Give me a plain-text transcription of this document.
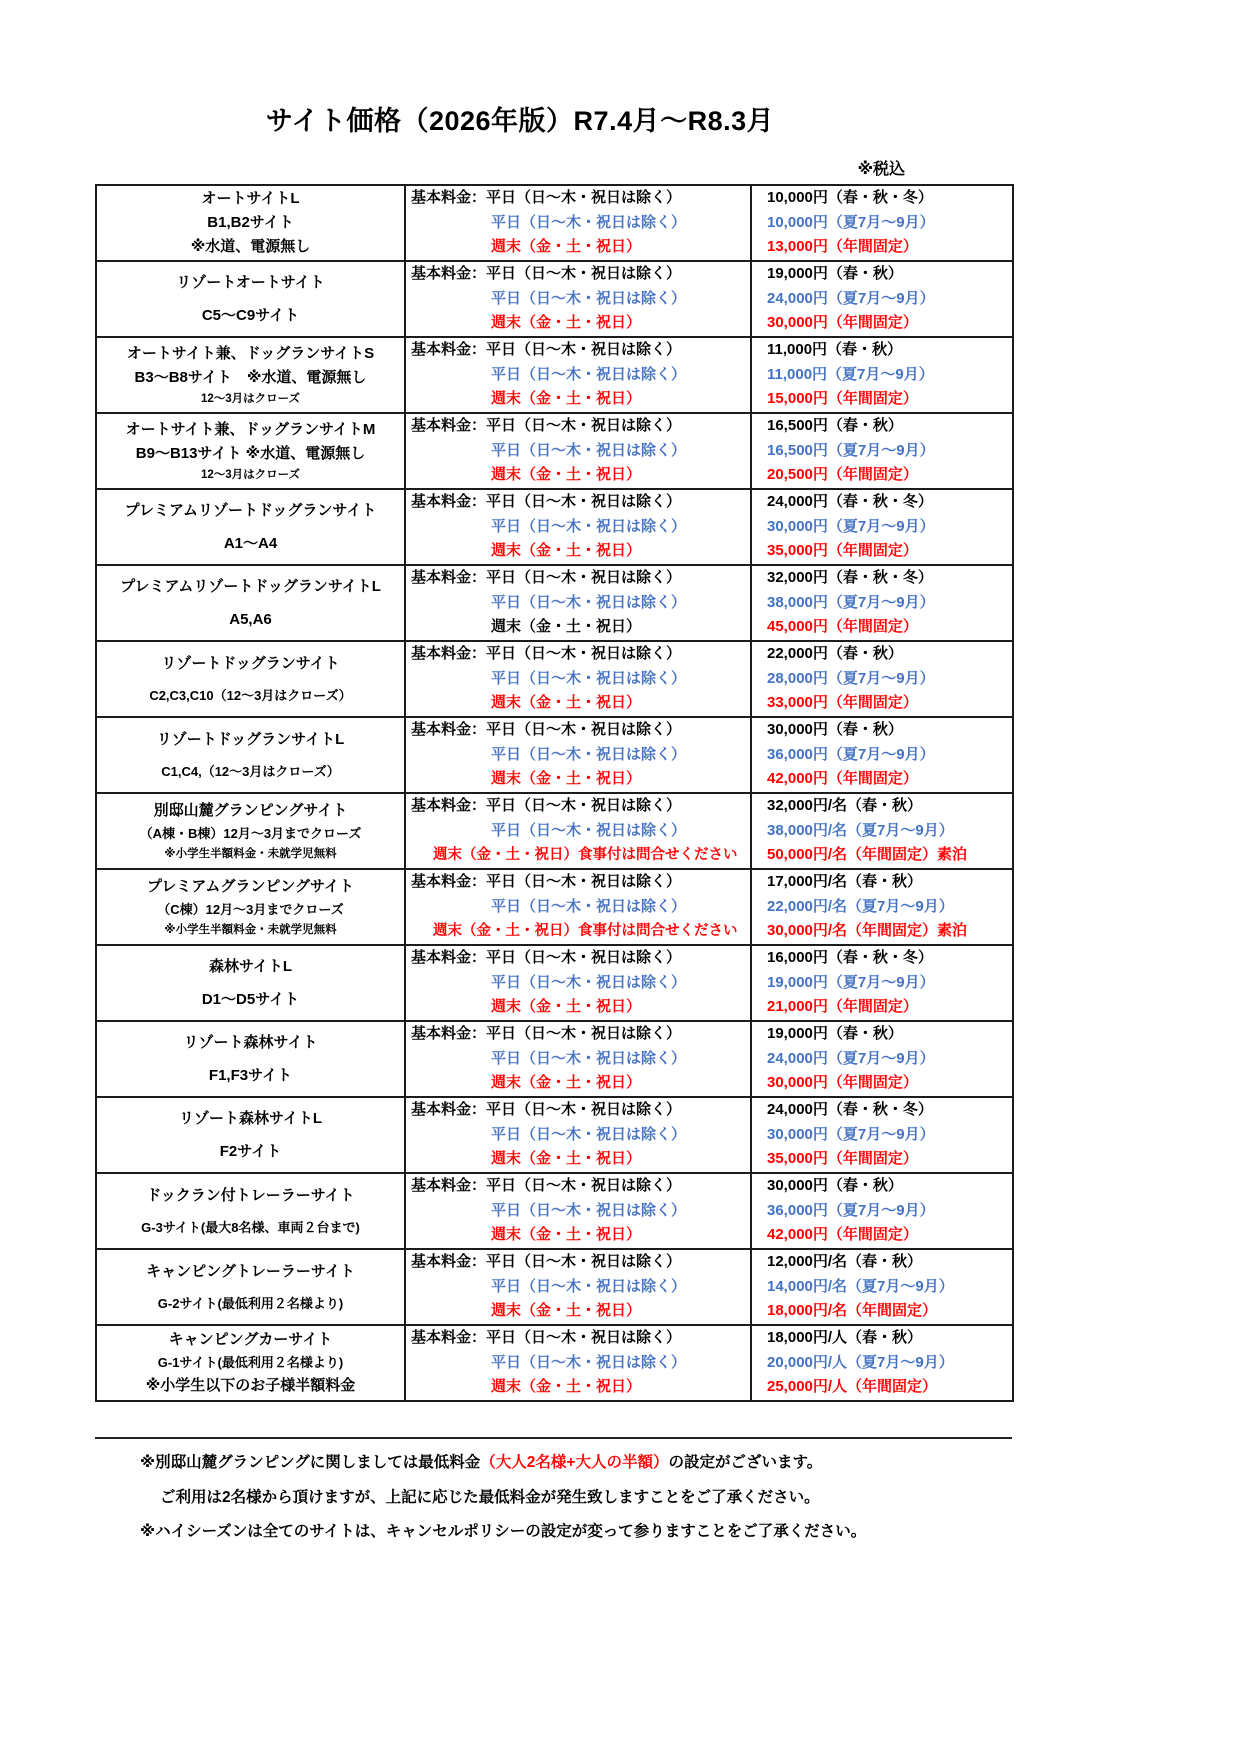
サイト価格（2026年版）R7.4月～R8.3月
※税込
オートサイトL
B1,B2サイト
※水道、電源無し

基本料金：平日（日～木・祝日は除く）
平日（日～木・祝日は除く）
週末（金・土・祝日）

10,000円（春・秋・冬）
10,000円（夏7月～9月）
13,000円（年間固定）

リゾートオートサイト
C5～C9サイト

基本料金：平日（日～木・祝日は除く）
平日（日～木・祝日は除く）
週末（金・土・祝日）

19,000円（春・秋）
24,000円（夏7月～9月）
30,000円（年間固定）

オートサイト兼、ドッグランサイトS
B3～B8サイト　※水道、電源無し
12～3月はクローズ

基本料金：平日（日～木・祝日は除く）
平日（日～木・祝日は除く）
週末（金・土・祝日）

11,000円（春・秋）
11,000円（夏7月～9月）
15,000円（年間固定）

オートサイト兼、ドッグランサイトM
B9～B13サイト ※水道、電源無し
12～3月はクローズ

基本料金：平日（日～木・祝日は除く）
平日（日～木・祝日は除く）
週末（金・土・祝日）

16,500円（春・秋）
16,500円（夏7月～9月）
20,500円（年間固定）

プレミアムリゾートドッグランサイト
A1～A4

基本料金：平日（日～木・祝日は除く）
平日（日～木・祝日は除く）
週末（金・土・祝日）

24,000円（春・秋・冬）
30,000円（夏7月～9月）
35,000円（年間固定）

プレミアムリゾートドッグランサイトL
A5,A6

基本料金：平日（日～木・祝日は除く）
平日（日～木・祝日は除く）
週末（金・土・祝日）

32,000円（春・秋・冬）
38,000円（夏7月～9月）
45,000円（年間固定）

リゾートドッグランサイト
C2,C3,C10（12～3月はクローズ）

基本料金：平日（日～木・祝日は除く）
平日（日～木・祝日は除く）
週末（金・土・祝日）

22,000円（春・秋）
28,000円（夏7月～9月）
33,000円（年間固定）

リゾートドッグランサイトL
C1,C4,（12～3月はクローズ）

基本料金：平日（日～木・祝日は除く）
平日（日～木・祝日は除く）
週末（金・土・祝日）

30,000円（春・秋）
36,000円（夏7月～9月）
42,000円（年間固定）

別邸山麓グランピングサイト
（A棟・B棟）12月～3月までクローズ
※小学生半額料金・未就学児無料

基本料金：平日（日～木・祝日は除く）
平日（日～木・祝日は除く）
週末（金・土・祝日）食事付は問合せください

32,000円/名（春・秋）
38,000円/名（夏7月～9月）
50,000円/名（年間固定）素泊

プレミアムグランピングサイト
（C棟）12月～3月までクローズ
※小学生半額料金・未就学児無料

基本料金：平日（日～木・祝日は除く）
平日（日～木・祝日は除く）
週末（金・土・祝日）食事付は問合せください

17,000円/名（春・秋）
22,000円/名（夏7月～9月）
30,000円/名（年間固定）素泊

森林サイトL
D1～D5サイト

基本料金：平日（日～木・祝日は除く）
平日（日～木・祝日は除く）
週末（金・土・祝日）

16,000円（春・秋・冬）
19,000円（夏7月～9月）
21,000円（年間固定）

リゾート森林サイト
F1,F3サイト

基本料金：平日（日～木・祝日は除く）
平日（日～木・祝日は除く）
週末（金・土・祝日）

19,000円（春・秋）
24,000円（夏7月～9月）
30,000円（年間固定）

リゾート森林サイトL
F2サイト

基本料金：平日（日～木・祝日は除く）
平日（日～木・祝日は除く）
週末（金・土・祝日）

24,000円（春・秋・冬）
30,000円（夏7月～9月）
35,000円（年間固定）

ドックラン付トレーラーサイト
G-3サイト(最大8名様、車両２台まで)

基本料金：平日（日～木・祝日は除く）
平日（日～木・祝日は除く）
週末（金・土・祝日）

30,000円（春・秋）
36,000円（夏7月～9月）
42,000円（年間固定）

キャンピングトレーラーサイト
G-2サイト(最低利用２名様より)

基本料金：平日（日～木・祝日は除く）
平日（日～木・祝日は除く）
週末（金・土・祝日）

12,000円/名（春・秋）
14,000円/名（夏7月～9月）
18,000円/名（年間固定）

キャンピングカーサイト
G-1サイト(最低利用２名様より)
※小学生以下のお子様半額料金

基本料金：平日（日～木・祝日は除く）
平日（日～木・祝日は除く）
週末（金・土・祝日）

18,000円/人（春・秋）
20,000円/人（夏7月～9月）
25,000円/人（年間固定）
※別邸山麓グランピングに関しましては最低料金（大人2名様+大人の半額）の設定がございます。
ご利用は2名様から頂けますが、上記に応じた最低料金が発生致しますことをご了承ください。
※ハイシーズンは全てのサイトは、キャンセルポリシーの設定が変って参りますことをご了承ください。
